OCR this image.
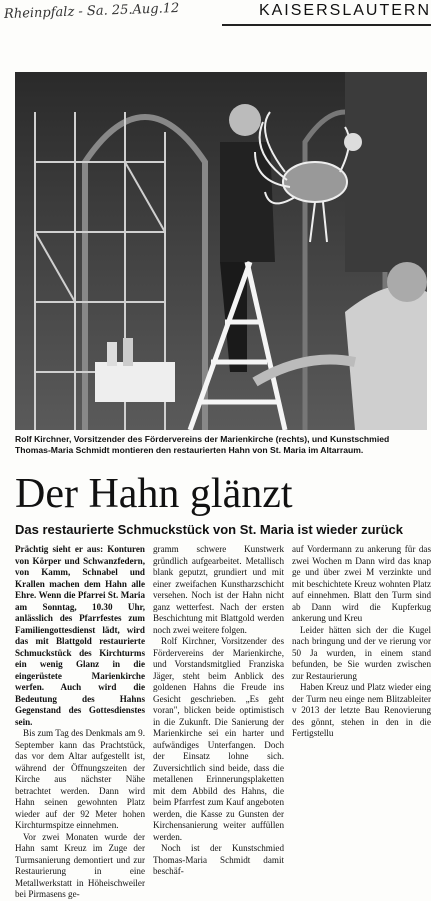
Rheinpfalz - Sa. 25.Aug.12	KAISERSLAUTERN
Rolf Kirchner, Vorsitzender des Fördervereins der Marienkirche (rechts), und Kunstschmied Thomas-Maria Schmidt montieren den restaurierten Hahn von St. Maria im Altarraum.
Der Hahn glänzt
Das restaurierte Schmuckstück von St. Maria ist wieder zurück

Prächtig sieht er aus: Konturen von Körper und Schwanzfedern, von Kamm, Schnabel und Krallen machen dem Hahn alle Ehre. Wenn die Pfarrei St. Maria am Sonntag, 10.30 Uhr, anlässlich des Pfarrfestes zum Familiengottesdienst lädt, wird das mit Blattgold restaurierte Schmuckstück des Kirchturms ein wenig Glanz in die eingerüstete Marienkirche werfen. Auch wird die Bedeutung des Hahns Gegenstand des Gottesdienstes sein.

Bis zum Tag des Denkmals am 9. September kann das Prachtstück, das vor dem Altar aufgestellt ist, während der Öffnungszeiten der Kirche aus nächster Nähe betrachtet werden. Dann wird Hahn seinen gewohnten Platz wieder auf der 92 Meter hohen Kirchturmspitze einnehmen.

Vor zwei Monaten wurde der Hahn samt Kreuz im Zuge der Turmsanierung demontiert und zur Restaurierung in eine Metallwerkstatt in Höheischweiler bei Pirmasens ge-

gramm schwere Kunstwerk gründlich aufgearbeitet. Metallisch blank geputzt, grundiert und mit einer zweifachen Kunstharzschicht versehen. Noch ist der Hahn nicht ganz wetterfest. Nach der ersten Beschichtung mit Blattgold werden noch zwei weitere folgen.

Rolf Kirchner, Vorsitzender des Fördervereins der Marienkirche, und Vorstandsmitglied Franziska Jäger, steht beim Anblick des goldenen Hahns die Freude ins Gesicht geschrieben. „Es geht voran", blicken beide optimistisch in die Zukunft. Die Sanierung der Marienkirche sei ein harter und aufwändiges Unterfangen. Doch der Einsatz lohne sich. Zuversichtlich sind beide, dass die metallenen Erinnerungsplaketten mit dem Abbild des Hahns, die beim Pfarrfest zum Kauf angeboten werden, die Kasse zu Gunsten der Kirchensanierung weiter auffüllen werden.

Noch ist der Kunstschmied Thomas-Maria Schmidt damit beschäf-

auf Vordermann zu ankerung für das zwei Wochen m Dann wird das knap ge und über zwei M verzinkte und mit beschichtete Kreuz wohnten Platz auf einnehmen. Blatt den Turm sind ab Dann wird die Kupferkug ankerung und Kreu

Leider hätten sich der die Kugel nach bringung und der ve rierung vor 50 Ja wurden, in einem stand befunden, be Sie wurden zwischen zur Restaurierung

Haben Kreuz und Platz wieder eing der Turm neu einge nem Blitzableiter v 2013 der letzte Bau Renovierung des gönnt, stehen in den in die Fertigstellu
